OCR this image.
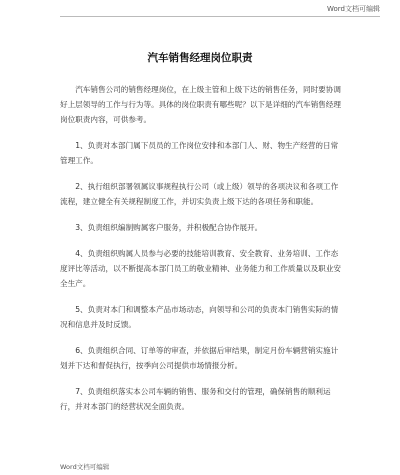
Word文档可编辑
汽车销售经理岗位职责

汽车销售公司的销售经理岗位，在上级主管和上级下达的销售任务，同时要协调好上层领导的工作与行为等。具体的岗位职责有哪些呢？以下是详细的汽车销售经理岗位职责内容，可供参考。

1、负责对本部门属下员员的工作岗位安排和本部门人、财、物生产经营的日常管理工作。

2、执行组织部署领属议事规程执行公司（或上级）领导的各项决议和各项工作流程，建立健全有关规程制度工作，并切实负责上级下达的各项任务和职能。

3、负责组织编制购属客户服务，并积极配合协作展开。

4、负责组织购属人员参与必要的技能培训教育、安全教育、业务培训、工作态度评比等活动，以不断提高本部门员工的敬业精神、业务能力和工作质量以及职业安全生产。

5、负责对本门和调整本产品市场动态，向领导和公司的负责本门销售实际的情况和信息并及时反馈。

6、负责组织合同、订单等的审查，并依据后审结果，制定月份车辆营销实施计划并下达和督促执行，按季向公司提供市场情报分析。

7、负责组织落实本公司车辆的销售、服务和交付的管理，确保销售的顺利运行，并对本部门的经营状况全面负责。

Word文档可编辑
